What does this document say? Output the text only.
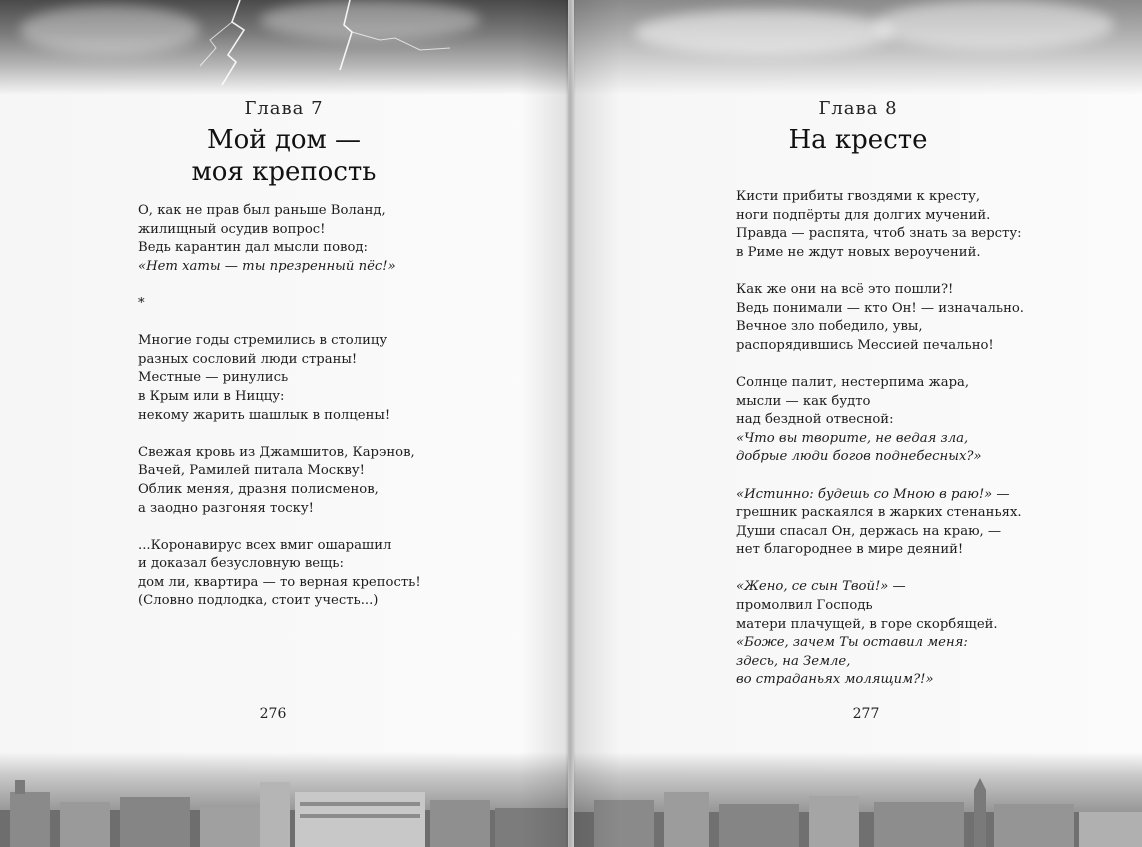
Глава 7
Мой дом —
моя крепость
О, как не прав был раньше Воланд,
жилищный осудив вопрос!
Ведь карантин дал мысли повод:
«Нет хаты — ты презренный пёс!»
*
Многие годы стремились в столицу
разных сословий люди страны!
Местные — ринулись
в Крым или в Ниццу:
некому жарить шашлык в полцены!
Свежая кровь из Джамшитов, Карэнов,
Вачей, Рамилей питала Москву!
Облик меняя, дразня полисменов,
а заодно разгоняя тоску!
...Коронавирус всех вмиг ошарашил
и доказал безусловную вещь:
дом ли, квартира — то верная крепость!
(Словно подлодка, стоит учесть...)
276
Глава 8
На кресте
Кисти прибиты гвоздями к кресту,
ноги подпёрты для долгих мучений.
Правда — распята, чтоб знать за версту:
в Риме не ждут новых вероучений.
Как же они на всё это пошли?!
Ведь понимали — кто Он! — изначально.
Вечное зло победило, увы,
распорядившись Мессией печально!
Солнце палит, нестерпима жара,
мысли — как будто
над бездной отвесной:
«Что вы творите, не ведая зла,
добрые люди богов поднебесных?»
«Истинно: будешь со Мною в раю!» —
грешник раскаялся в жарких стенаньях.
Души спасал Он, держась на краю, —
нет благороднее в мире деяний!
«Жено, се сын Твой!» —
промолвил Господь
матери плачущей, в горе скорбящей.
«Боже, зачем Ты оставил меня:
здесь, на Земле,
во страданьях молящим?!»
277
